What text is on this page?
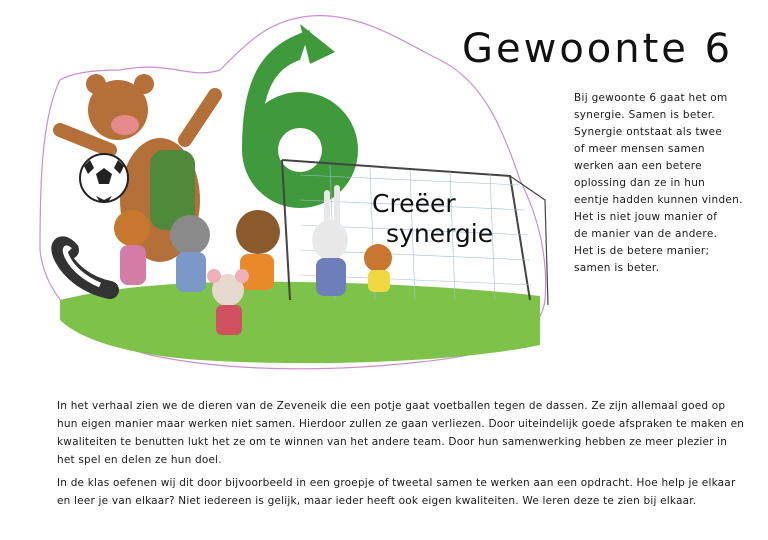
Creëer
synergie
Gewoonte 6
Bij gewoonte 6 gaat het om
synergie. Samen is beter.
Synergie ontstaat als twee
of meer mensen samen
werken aan een betere
oplossing dan ze in hun
eentje hadden kunnen vinden.
Het is niet jouw manier of
de manier van de andere.
Het is de betere manier;
samen is beter.
In het verhaal zien we de dieren van de Zeveneik die een potje gaat voetballen tegen de dassen. Ze zijn allemaal goed op
hun eigen manier maar werken niet samen. Hierdoor zullen ze gaan verliezen. Door uiteindelijk goede afspraken te maken en
kwaliteiten te benutten lukt het ze om te winnen van het andere team. Door hun samenwerking hebben ze meer plezier in
het spel en delen ze hun doel.
In de klas oefenen wij dit door bijvoorbeeld in een groepje of tweetal samen te werken aan een opdracht. Hoe help je elkaar
en leer je van elkaar? Niet iedereen is gelijk, maar ieder heeft ook eigen kwaliteiten. We leren deze te zien bij elkaar.
